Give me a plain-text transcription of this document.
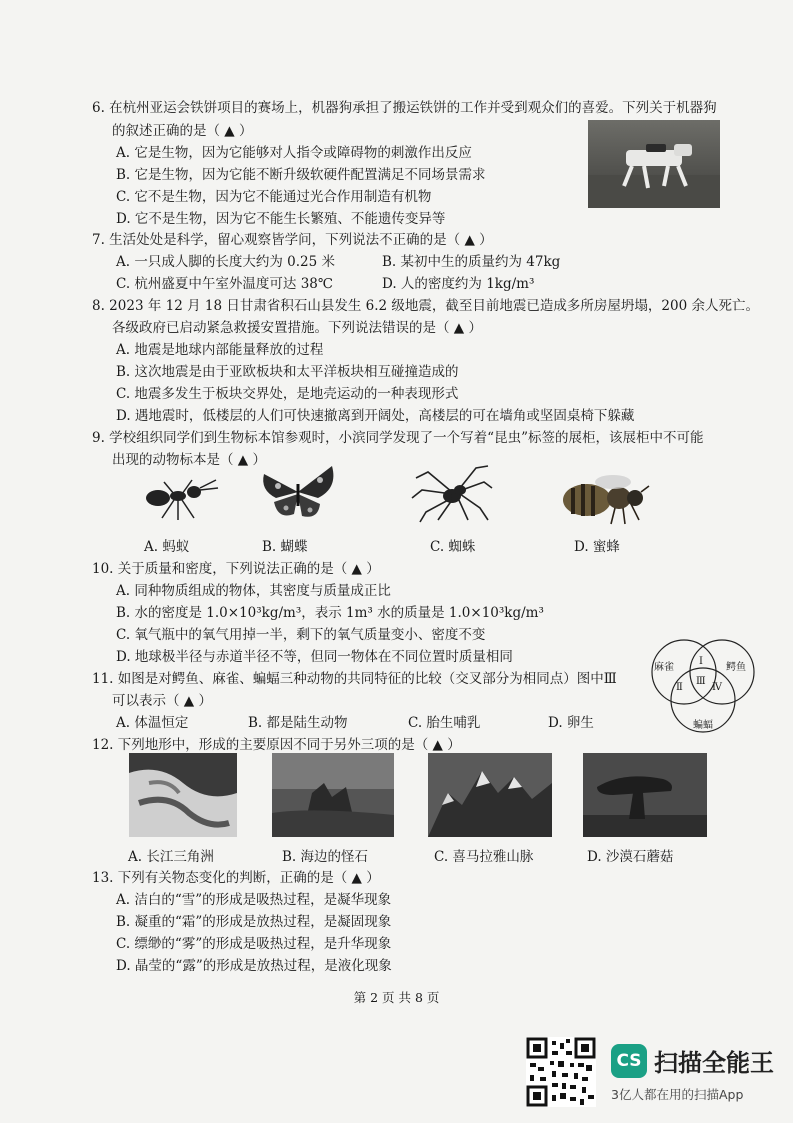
6. 在杭州亚运会铁饼项目的赛场上，机器狗承担了搬运铁饼的工作并受到观众们的喜爱。下列关于机器狗
的叙述正确的是（ ▲ ）
A. 它是生物，因为它能够对人指令或障碍物的刺激作出反应
B. 它是生物，因为它能不断升级软硬件配置满足不同场景需求
C. 它不是生物，因为它不能通过光合作用制造有机物
D. 它不是生物，因为它不能生长繁殖、不能遗传变异等
7. 生活处处是科学，留心观察皆学问，下列说法不正确的是（ ▲ ）
A. 一只成人脚的长度大约为 0.25 米	B. 某初中生的质量约为 47kg
C. 杭州盛夏中午室外温度可达 38℃	D. 人的密度约为 1kg/m³
8. 2023 年 12 月 18 日甘肃省积石山县发生 6.2 级地震，截至目前地震已造成多所房屋坍塌，200 余人死亡。
各级政府已启动紧急救援安置措施。下列说法错误的是（ ▲ ）
A. 地震是地球内部能量释放的过程
B. 这次地震是由于亚欧板块和太平洋板块相互碰撞造成的
C. 地震多发生于板块交界处，是地壳运动的一种表现形式
D. 遇地震时，低楼层的人们可快速撤离到开阔处，高楼层的可在墙角或坚固桌椅下躲藏
9. 学校组织同学们到生物标本馆参观时，小滨同学发现了一个写着“昆虫”标签的展柜，该展柜中不可能
出现的动物标本是（ ▲ ）
A. 蚂蚁	B. 蝴蝶	C. 蜘蛛	D. 蜜蜂
10. 关于质量和密度，下列说法正确的是（ ▲ ）
A. 同种物质组成的物体，其密度与质量成正比
B. 水的密度是 1.0×10³kg/m³，表示 1m³ 水的质量是 1.0×10³kg/m³
C. 氧气瓶中的氧气用掉一半，剩下的氧气质量变小、密度不变
D. 地球极半径与赤道半径不等，但同一物体在不同位置时质量相同
11. 如图是对鳄鱼、麻雀、蝙蝠三种动物的共同特征的比较（交叉部分为相同点）图中Ⅲ
可以表示（ ▲ ）
A. 体温恒定	B. 都是陆生动物	C. 胎生哺乳	D. 卵生
麻雀	鳄鱼
蝙蝠
Ⅰ
Ⅱ
Ⅲ
Ⅳ
12. 下列地形中，形成的主要原因不同于另外三项的是（ ▲ ）
A. 长江三角洲	B. 海边的怪石	C. 喜马拉雅山脉	D. 沙漠石蘑菇
13. 下列有关物态变化的判断，正确的是（ ▲ ）
A. 洁白的“雪”的形成是吸热过程，是凝华现象
B. 凝重的“霜”的形成是放热过程，是凝固现象
C. 缥缈的“雾”的形成是吸热过程，是升华现象
D. 晶莹的“露”的形成是放热过程，是液化现象
第 2 页 共 8 页
CS 扫描全能王
3亿人都在用的扫描App
